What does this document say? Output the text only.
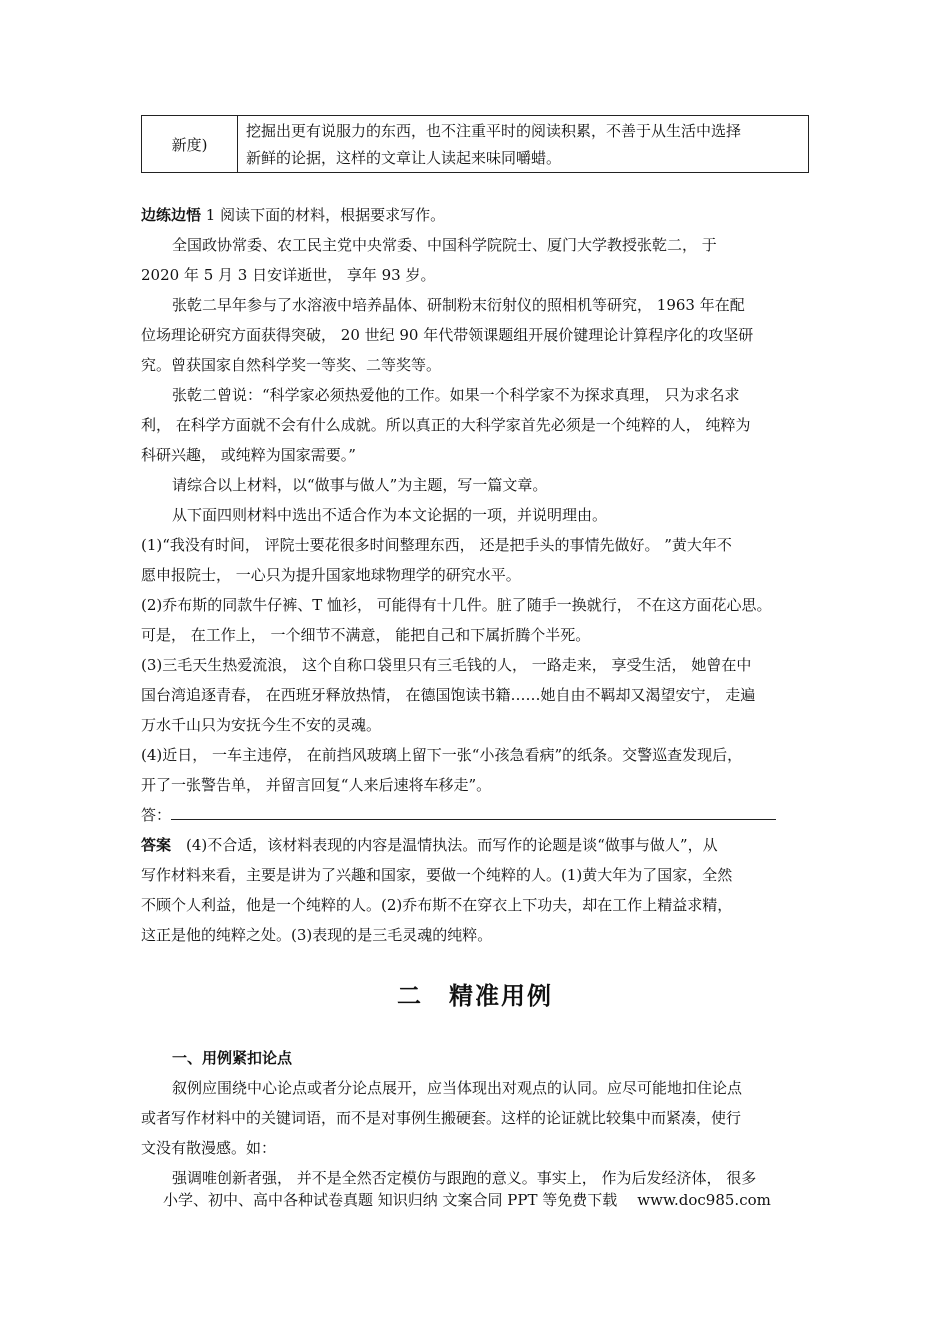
新度)
挖掘出更有说服力的东西，也不注重平时的阅读积累，不善于从生活中选择
新鲜的论据，这样的文章让人读起来味同嚼蜡。
边练边悟 1 阅读下面的材料，根据要求写作。
全国政协常委、农工民主党中央常委、中国科学院院士、厦门大学教授张乾二， 于
2020 年 5 月 3 日安详逝世， 享年 93 岁。
张乾二早年参与了水溶液中培养晶体、研制粉末衍射仪的照相机等研究， 1963 年在配
位场理论研究方面获得突破， 20 世纪 90 年代带领课题组开展价键理论计算程序化的攻坚研
究。曾获国家自然科学奖一等奖、二等奖等。
张乾二曾说：“科学家必须热爱他的工作。如果一个科学家不为探求真理， 只为求名求
利， 在科学方面就不会有什么成就。所以真正的大科学家首先必须是一个纯粹的人， 纯粹为
科研兴趣， 或纯粹为国家需要。”
请综合以上材料，以“做事与做人”为主题，写一篇文章。
从下面四则材料中选出不适合作为本文论据的一项，并说明理由。
(1)“我没有时间， 评院士要花很多时间整理东西， 还是把手头的事情先做好。 ”黄大年不
愿申报院士， 一心只为提升国家地球物理学的研究水平。
(2)乔布斯的同款牛仔裤、T 恤衫， 可能得有十几件。脏了随手一换就行， 不在这方面花心思。
可是， 在工作上， 一个细节不满意， 能把自己和下属折腾个半死。
(3)三毛天生热爱流浪， 这个自称口袋里只有三毛钱的人， 一路走来， 享受生活， 她曾在中
国台湾追逐青春， 在西班牙释放热情， 在德国饱读书籍……她自由不羁却又渴望安宁， 走遍
万水千山只为安抚今生不安的灵魂。
(4)近日， 一车主违停， 在前挡风玻璃上留下一张“小孩急看病”的纸条。交警巡查发现后，
开了一张警告单， 并留言回复“人来后速将车移走”。
答：
答案　(4)不合适，该材料表现的内容是温情执法。而写作的论题是谈“做事与做人”，从
写作材料来看，主要是讲为了兴趣和国家，要做一个纯粹的人。(1)黄大年为了国家，全然
不顾个人利益，他是一个纯粹的人。(2)乔布斯不在穿衣上下功夫，却在工作上精益求精，
这正是他的纯粹之处。(3)表现的是三毛灵魂的纯粹。
二　精准用例
一、用例紧扣论点
叙例应围绕中心论点或者分论点展开，应当体现出对观点的认同。应尽可能地扣住论点
或者写作材料中的关键词语，而不是对事例生搬硬套。这样的论证就比较集中而紧凑，使行
文没有散漫感。如：
强调唯创新者强， 并不是全然否定模仿与跟跑的意义。事实上， 作为后发经济体， 很多
小学、初中、高中各种试卷真题 知识归纳 文案合同 PPT 等免费下载 www.doc985.com
